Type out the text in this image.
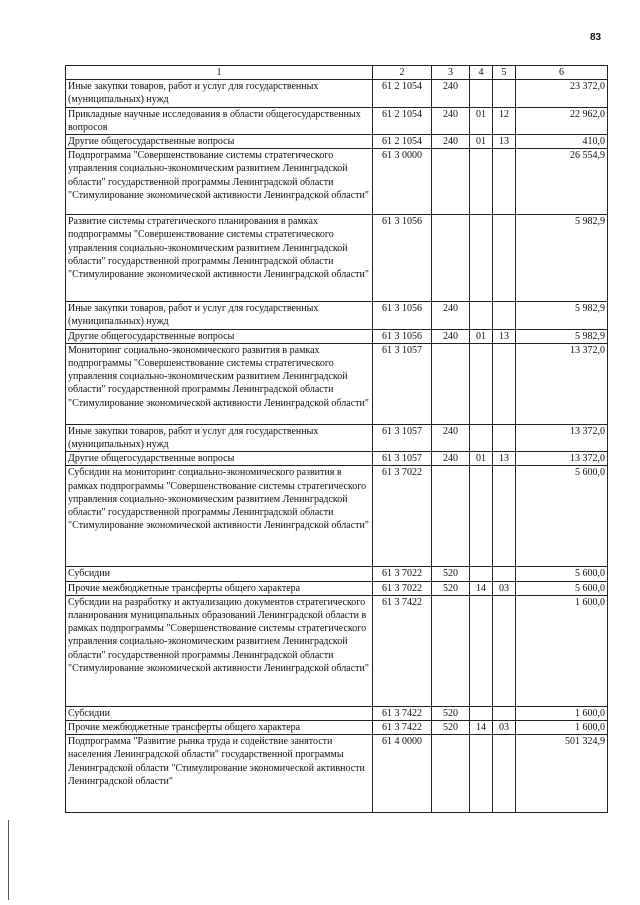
83
1	2	3	4	5	6
Иные закупки товаров, работ и услуг для государственных (муниципальных) нужд	61 2 1054	240			23 372,0
Прикладные научные исследования в области общегосударственных вопросов	61 2 1054	240	01	12	22 962,0
Другие общегосударственные вопросы	61 2 1054	240	01	13	410,0
Подпрограмма "Совершенствование системы стратегического управления социально-экономическим развитием Ленинградской области" государственной программы Ленинградской области "Стимулирование экономической активности Ленинградской области"	61 3 0000				26 554,9
Развитие системы стратегического планирования в рамках подпрограммы "Совершенствование системы стратегического управления социально-экономическим развитием Ленинградской области" государственной программы Ленинградской области "Стимулирование экономической активности Ленинградской области"	61 3 1056				5 982,9
Иные закупки товаров, работ и услуг для государственных (муниципальных) нужд	61 3 1056	240			5 982,9
Другие общегосударственные вопросы	61 3 1056	240	01	13	5 982,9
Мониторинг социально-экономического развития в рамках подпрограммы "Совершенствование системы стратегического управления социально-экономическим развитием Ленинградской области" государственной программы Ленинградской области "Стимулирование экономической активности Ленинградской области"	61 3 1057				13 372,0
Иные закупки товаров, работ и услуг для государственных (муниципальных) нужд	61 3 1057	240			13 372,0
Другие общегосударственные вопросы	61 3 1057	240	01	13	13 372,0
Субсидии на мониторинг социально-экономического развития в рамках подпрограммы "Совершенствование системы стратегического управления социально-экономическим развитием Ленинградской области" государственной программы Ленинградской области "Стимулирование экономической активности Ленинградской области"	61 3 7022				5 600,0
Субсидии	61 3 7022	520			5 600,0
Прочие межбюджетные трансферты общего характера	61 3 7022	520	14	03	5 600,0
Субсидии на разработку и актуализацию документов стратегического планирования муниципальных образований Ленинградской области в рамках подпрограммы "Совершенствование системы стратегического управления социально-экономическим развитием Ленинградской области" государственной программы Ленинградской области "Стимулирование экономической активности Ленинградской области"	61 3 7422				1 600,0
Субсидии	61 3 7422	520			1 600,0
Прочие межбюджетные трансферты общего характера	61 3 7422	520	14	03	1 600,0
Подпрограмма "Развитие рынка труда и содействие занятости населения Ленинградской области" государственной программы Ленинградской области "Стимулирование экономической активности Ленинградской области"	61 4 0000				501 324,9
